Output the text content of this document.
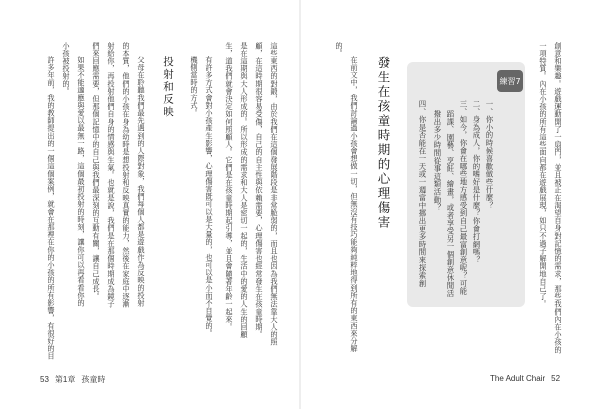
這些東西的對鍛，由於我們在這個發展階段是非常脆弱的，而且也因為我們無法靠大人的照
顧，在這時期很容易受傷，自己的自主性與依賴需要，心理傷害也經常發生在孩童時期。
是在這期與大人形成的。所以形成的需求和大人是密切一起的，生活中的愛的人生的回顧
生，道我們就會決定如何照顧人。它們是在孩童時期起引導，並且會隨著年齡一起來。
有許多方式會對小孩產生影響，心理傷害既可以是大量的，也可以是小而不自覺的。
機側當時的方式。
投射和反映
父母在聆聽我們最先遇到的人際對象，我們每個人都是遊戲作為反映的投射
的本質，他們的小孩在身為幼時是想投射和反映真實的能力，然後在家庭中逐漸
射給你，再投射他們自身的情感與生氣。也就是說，我們是在那個時期成為鏡子
們來回應需要，但那個記憶中的自己與我們最深刻的互動有關，讓自己成長。
如果不能適應與愛以最無一路，這個最初投射的時刻，讓你可以再看看你的
小孩被投射的。
許多年前，我的教師提出的一個這個案例，就會在那裡在你的小孩的所有影響，有很好的目
53 第1章 孩童時
創意和樂趣。遊戲運動開了一扇門，並且被正在渴望自身對記憶的需求，那些我們內在小孩的
一項特質。內在小孩的所有這些面向都在遊戲展現，如只不過子解開地自己了。
練習7
一、你小的時候喜歡做些什麼？
二、身為成人，你的嗜好是什麼？你會打網嗎？
三、如今，你會在哪些地方感受到自己最富創意呢？可能
蹈課、園藝、烹飪、繪畫，或者享受另一個創意休閒活
撥出多少時間從事這類活動？
四、你是否能在一天或一週當中挪出更多時間來探索創
發生在孩童時期的心理傷害
在前文中，我們討論過小孩會想做一切，但無沒有技巧能夠純粹地得到所有的東西來分解
的。
The Adult Chair 52
